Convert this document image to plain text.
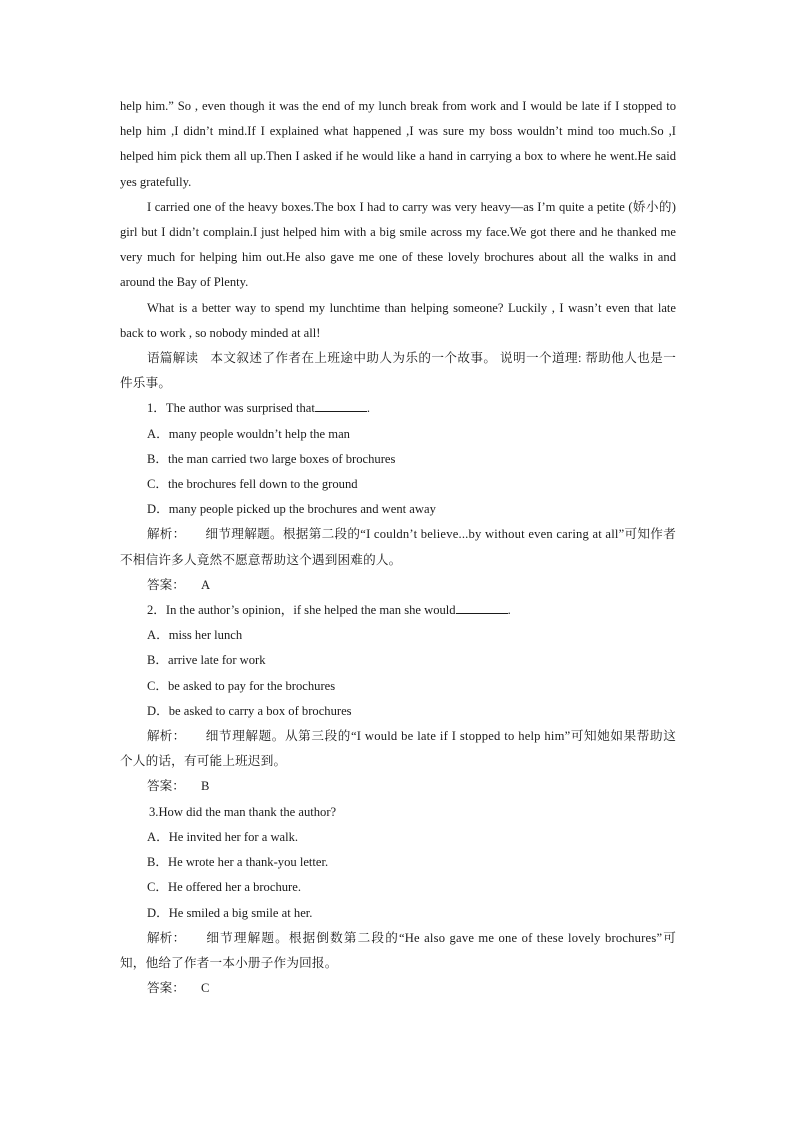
help him.” So , even though it was the end of my lunch break from work and I would be late if I stopped to help him ,I didn’t mind.If I explained what happened ,I was sure my boss wouldn’t mind too much.So ,I helped him pick them all up.Then I asked if he would like a hand in carrying a box to where he went.He said yes gratefully.

I carried one of the heavy boxes.The box I had to carry was very heavy—as I’m quite a petite (娇小的) girl but I didn’t complain.I just helped him with a big smile across my face.We got there and he thanked me very much for helping him out.He also gave me one of these lovely brochures about all the walks in and around the Bay of Plenty.

What is a better way to spend my lunchtime than helping someone? Luckily , I wasn’t even that late back to work , so nobody minded at all!

语篇解读 本文叙述了作者在上班途中助人为乐的一个故事。 说明一个道理: 帮助他人也是一件乐事。

1．The author was surprised that	.

A．many people wouldn’t help the man

B．the man carried two large boxes of brochures

C．the brochures fell down to the ground

D．many people picked up the brochures and went away

解析： 细节理解题。根据第二段的“I couldn’t believe...by without even caring at all”可知作者不相信许多人竟然不愿意帮助这个遇到困难的人。

答案： A

2．In the author’s opinion，if she helped the man she would	.

A．miss her lunch

B．arrive late for work

C．be asked to pay for the brochures

D．be asked to carry a box of brochures

解析： 细节理解题。从第三段的“I would be late if I stopped to help him”可知她如果帮助这个人的话，有可能上班迟到。

答案： B

3.How did the man thank the author?

A．He invited her for a walk.

B．He wrote her a thank-you letter.

C．He offered her a brochure.

D．He smiled a big smile at her.

解析： 细节理解题。根据倒数第二段的“He also gave me one of these lovely brochures”可知，他给了作者一本小册子作为回报。

答案： C
